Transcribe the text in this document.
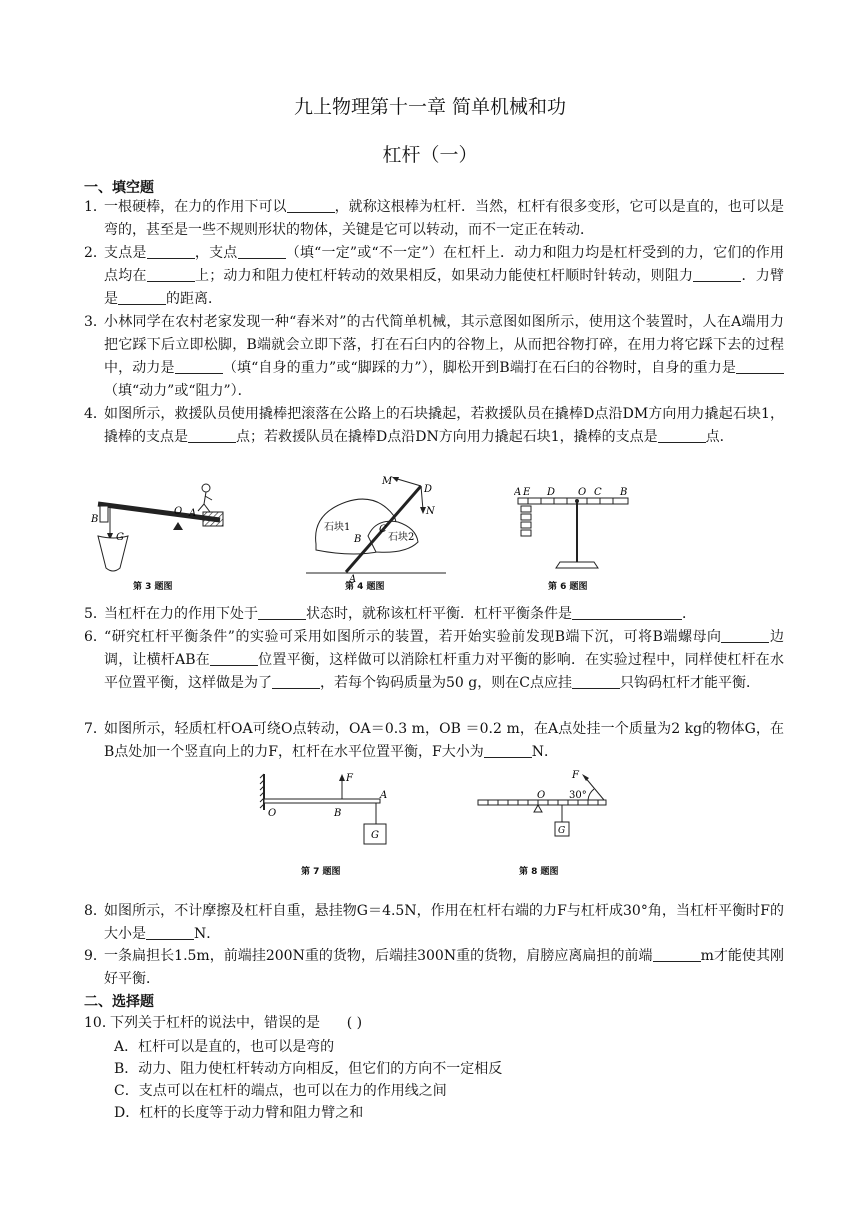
九上物理第十一章 简单机械和功
杠杆（一）
一、填空题
1．
一根硬棒，在力的作用下可以	，就称这根棒为杠杆．当然，杠杆有很多变形，它可以是直的，也可以是弯的，甚至是一些不规则形状的物体，关键是它可以转动，而不一定正在转动．
2．
支点是	，支点	（填“一定”或“不一定”）在杠杆上．动力和阻力均是杠杆受到的力，它们的作用点均在	上；动力和阻力使杠杆转动的效果相反，如果动力能使杠杆顺时针转动，则阻力	．力臂是	的距离．
3．
小林同学在农村老家发现一种“舂米对”的古代简单机械，其示意图如图所示，使用这个装置时，人在A端用力把它踩下后立即松脚，B端就会立即下落，打在石臼内的谷物上，从而把谷物打碎，在用力将它踩下去的过程中，动力是	（填“自身的重力”或“脚踩的力”），脚松开到B端打在石臼的谷物时，自身的重力是（填“动力”或“阻力”）．
4．
如图所示，救援队员使用撬棒把滚落在公路上的石块撬起，若救援队员在撬棒D点沿DM方向用力撬起石块1，撬棒的支点是	点；若救援队员在撬棒D点沿DN方向用力撬起石块1，撬棒的支点是	点．
B
G
O A
第 3 题图
M
D
N
石块1
石块2
B
C
A
第 4 题图
A E D O C B
第 6 题图
5．
当杠杆在力的作用下处于	状态时，就称该杠杆平衡．杠杆平衡条件是	．
6．
“研究杠杆平衡条件”的实验可采用如图所示的装置，若开始实验前发现B端下沉，可将B端螺母向	边调，让横杆AB在	位置平衡，这样做可以消除杠杆重力对平衡的影响．在实验过程中，同样使杠杆在水平位置平衡，这样做是为了	，若每个钩码质量为50 g，则在C点应挂	只钩码杠杆才能平衡．
7．
如图所示，轻质杠杆OA可绕O点转动，OA＝0.3 m，OB ＝0.2 m，在A点处挂一个质量为2 kg的物体G，在B点处加一个竖直向上的力F，杠杆在水平位置平衡，F大小为	N．
F
O	B
A
G
第 7 题图
F
O 30°
G
第 8 题图
8．
如图所示，不计摩擦及杠杆自重，悬挂物G＝4.5N，作用在杠杆右端的力F与杠杆成30°角，当杠杆平衡时F的大小是	N．
9．
一条扁担长1.5m，前端挂200N重的货物，后端挂300N重的货物，肩膀应离扁担的前端	m才能使其刚好平衡．
二、选择题
10．
下列关于杠杆的说法中，错误的是 ( )
A．杠杆可以是直的，也可以是弯的
B．动力、阻力使杠杆转动方向相反，但它们的方向不一定相反
C．支点可以在杠杆的端点，也可以在力的作用线之间
D．杠杆的长度等于动力臂和阻力臂之和
